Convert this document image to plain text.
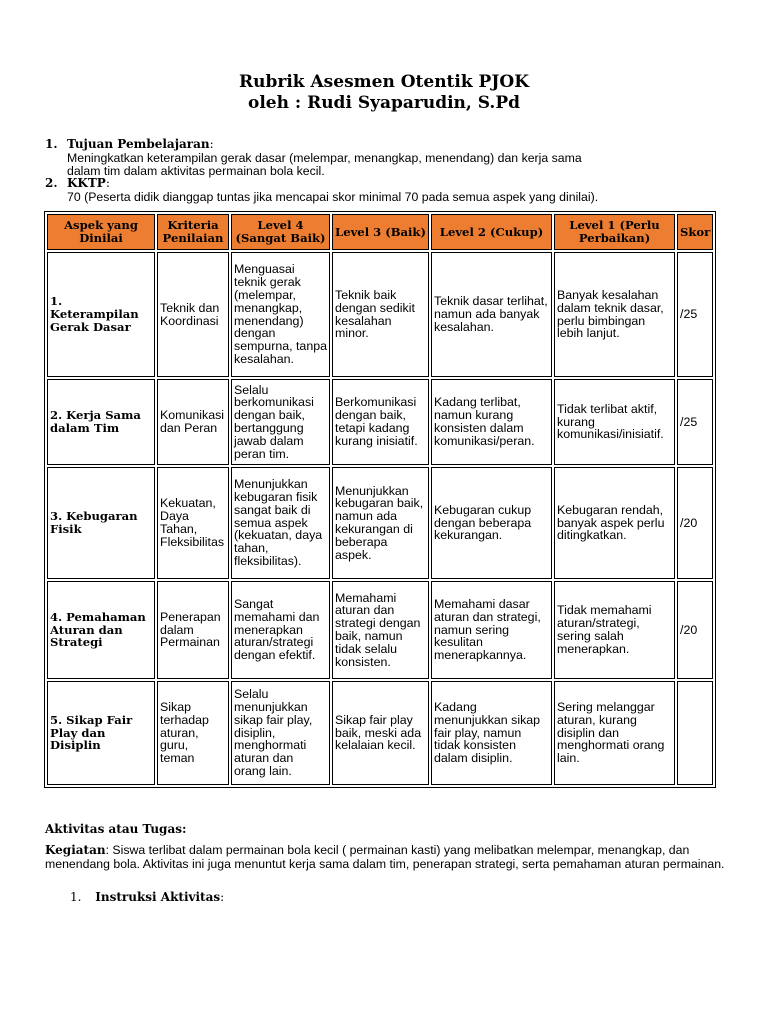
Rubrik Asesmen Otentik PJOK
oleh : Rudi Syaparudin, S.Pd
1. Tujuan Pembelajaran:
Meningkatkan keterampilan gerak dasar (melempar, menangkap, menendang) dan kerja sama
dalam tim dalam aktivitas permainan bola kecil.
2. KKTP:
70 (Peserta didik dianggap tuntas jika mencapai skor minimal 70 pada semua aspek yang dinilai).
Aspek yang Dinilai	Kriteria Penilaian	Level 4 (Sangat Baik)	Level 3 (Baik)	Level 2 (Cukup)	Level 1 (Perlu Perbaikan)	Skor
1. Keterampilan Gerak Dasar	Teknik dan Koordinasi	Menguasai teknik gerak (melempar, menangkap, menendang) dengan sempurna, tanpa kesalahan.	Teknik baik dengan sedikit kesalahan minor.	Teknik dasar terlihat, namun ada banyak kesalahan.	Banyak kesalahan dalam teknik dasar, perlu bimbingan lebih lanjut.	/25
2. Kerja Sama dalam Tim	Komunikasi dan Peran	Selalu berkomunikasi dengan baik, bertanggung jawab dalam peran tim.	Berkomunikasi dengan baik, tetapi kadang kurang inisiatif.	Kadang terlibat, namun kurang konsisten dalam komunikasi/peran.	Tidak terlibat aktif, kurang komunikasi/inisiatif.	/25
3. Kebugaran Fisik	Kekuatan, Daya Tahan, Fleksibilitas	Menunjukkan kebugaran fisik sangat baik di semua aspek (kekuatan, daya tahan, fleksibilitas).	Menunjukkan kebugaran baik, namun ada kekurangan di beberapa aspek.	Kebugaran cukup dengan beberapa kekurangan.	Kebugaran rendah, banyak aspek perlu ditingkatkan.	/20
4. Pemahaman Aturan dan Strategi	Penerapan dalam Permainan	Sangat memahami dan menerapkan aturan/strategi dengan efektif.	Memahami aturan dan strategi dengan baik, namun tidak selalu konsisten.	Memahami dasar aturan dan strategi, namun sering kesulitan menerapkannya.	Tidak memahami aturan/strategi, sering salah menerapkan.	/20
5. Sikap Fair Play dan Disiplin	Sikap terhadap aturan, guru, teman	Selalu menunjukkan sikap fair play, disiplin, menghormati aturan dan orang lain.	Sikap fair play baik, meski ada kelalaian kecil.	Kadang menunjukkan sikap fair play, namun tidak konsisten dalam disiplin.	Sering melanggar aturan, kurang disiplin dan menghormati orang lain.	
Aktivitas atau Tugas:
Kegiatan: Siswa terlibat dalam permainan bola kecil ( permainan kasti) yang melibatkan melempar, menangkap, dan menendang bola. Aktivitas ini juga menuntut kerja sama dalam tim, penerapan strategi, serta pemahaman aturan permainan.
1. Instruksi Aktivitas:
